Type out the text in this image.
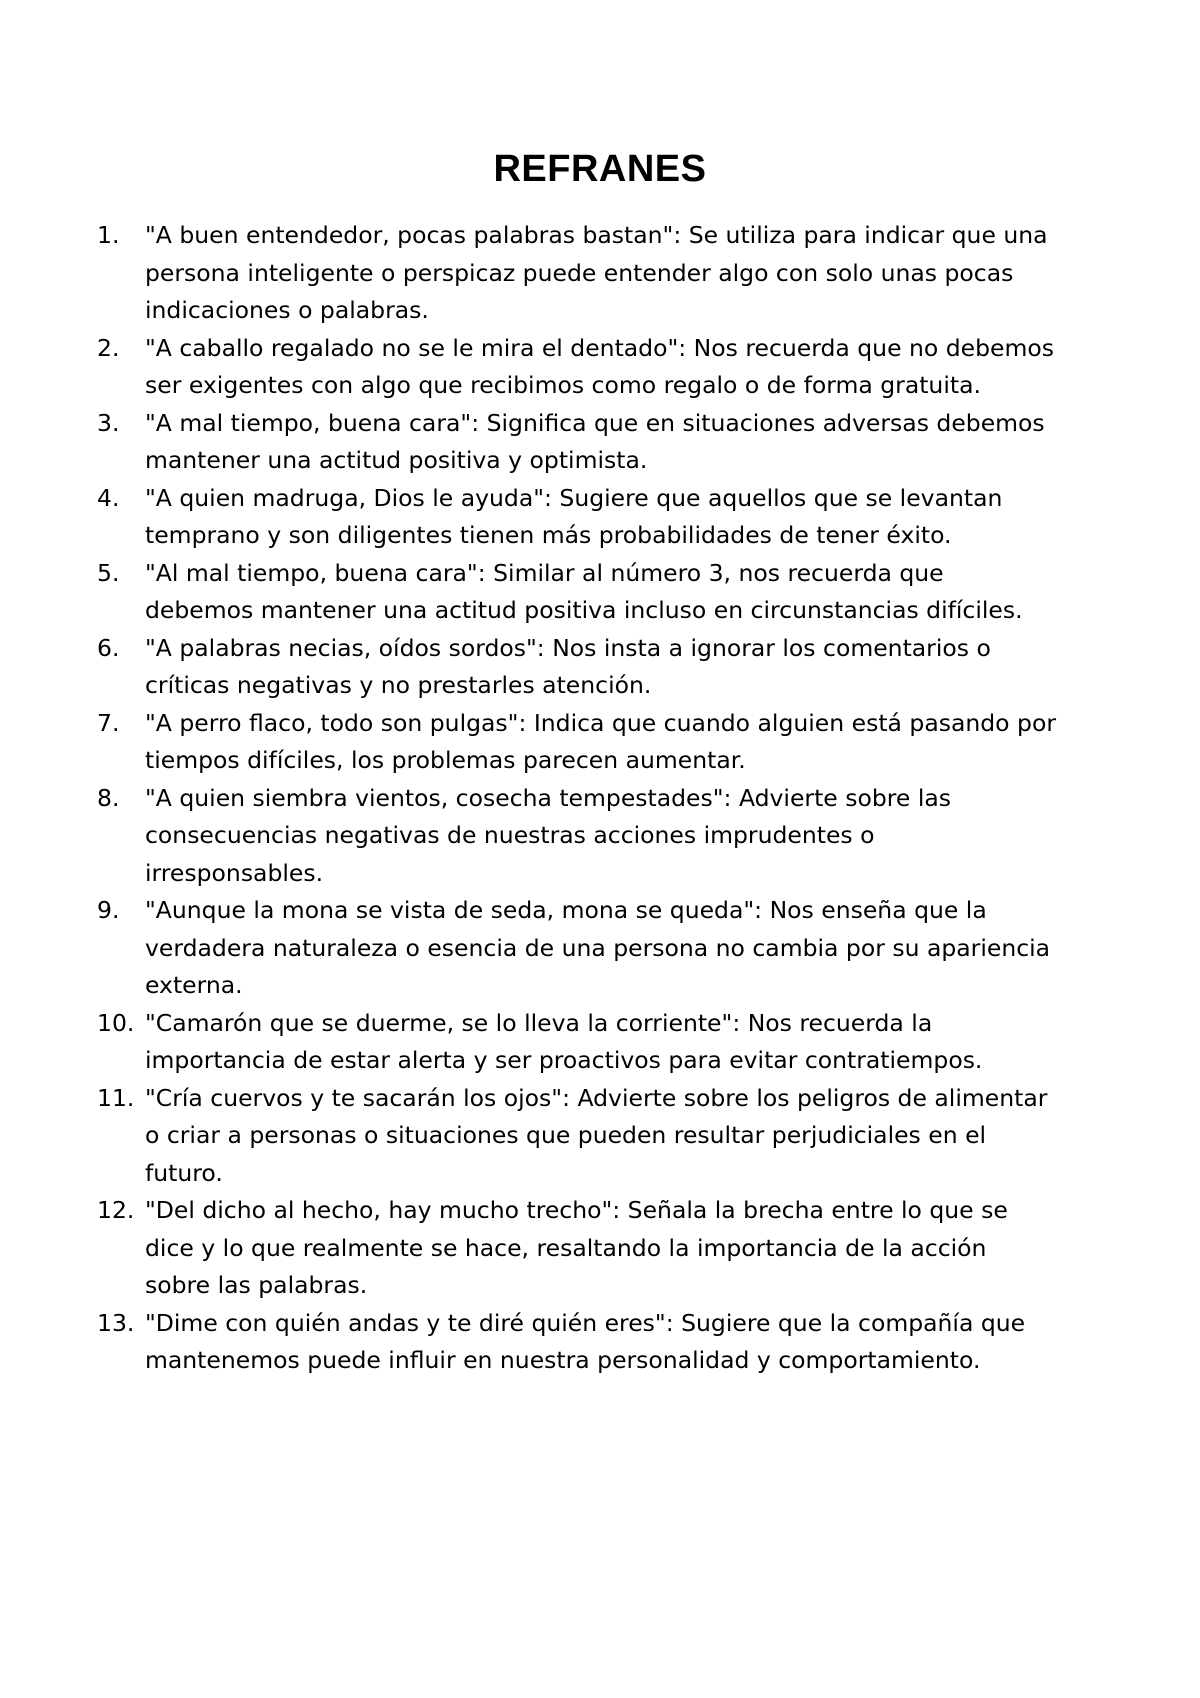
REFRANES
1.	"A buen entendedor, pocas palabras bastan": Se utiliza para indicar que una persona inteligente o perspicaz puede entender algo con solo unas pocas indicaciones o palabras.
2.	"A caballo regalado no se le mira el dentado": Nos recuerda que no debemos ser exigentes con algo que recibimos como regalo o de forma gratuita.
3.	"A mal tiempo, buena cara": Significa que en situaciones adversas debemos mantener una actitud positiva y optimista.
4.	"A quien madruga, Dios le ayuda": Sugiere que aquellos que se levantan temprano y son diligentes tienen más probabilidades de tener éxito.
5.	"Al mal tiempo, buena cara": Similar al número 3, nos recuerda que debemos mantener una actitud positiva incluso en circunstancias difíciles.
6.	"A palabras necias, oídos sordos": Nos insta a ignorar los comentarios o críticas negativas y no prestarles atención.
7.	"A perro flaco, todo son pulgas": Indica que cuando alguien está pasando por tiempos difíciles, los problemas parecen aumentar.
8.	"A quien siembra vientos, cosecha tempestades": Advierte sobre las consecuencias negativas de nuestras acciones imprudentes o irresponsables.
9.	"Aunque la mona se vista de seda, mona se queda": Nos enseña que la verdadera naturaleza o esencia de una persona no cambia por su apariencia externa.
10. "Camarón que se duerme, se lo lleva la corriente": Nos recuerda la importancia de estar alerta y ser proactivos para evitar contratiempos.
11. "Cría cuervos y te sacarán los ojos": Advierte sobre los peligros de alimentar o criar a personas o situaciones que pueden resultar perjudiciales en el futuro.
12. "Del dicho al hecho, hay mucho trecho": Señala la brecha entre lo que se dice y lo que realmente se hace, resaltando la importancia de la acción sobre las palabras.
13. "Dime con quién andas y te diré quién eres": Sugiere que la compañía que mantenemos puede influir en nuestra personalidad y comportamiento.
